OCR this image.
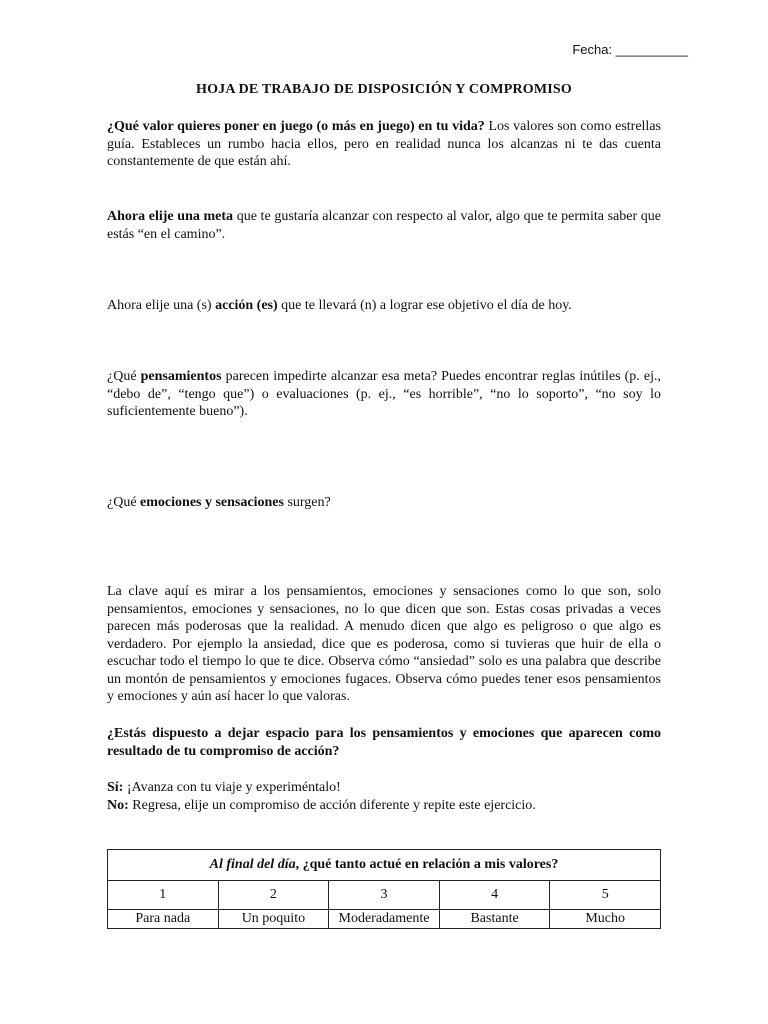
Fecha: __________
HOJA DE TRABAJO DE DISPOSICIÓN Y COMPROMISO
¿Qué valor quieres poner en juego (o más en juego) en tu vida? Los valores son como estrellas guía. Estableces un rumbo hacia ellos, pero en realidad nunca los alcanzas ni te das cuenta constantemente de que están ahí.
Ahora elije una meta que te gustaría alcanzar con respecto al valor, algo que te permita saber que estás “en el camino”.
Ahora elije una (s) acción (es) que te llevará (n) a lograr ese objetivo el día de hoy.
¿Qué pensamientos parecen impedirte alcanzar esa meta? Puedes encontrar reglas inútiles (p. ej., “debo de”, “tengo que”) o evaluaciones (p. ej., “es horrible”, “no lo soporto”, “no soy lo suficientemente bueno”).
¿Qué emociones y sensaciones surgen?
La clave aquí es mirar a los pensamientos, emociones y sensaciones como lo que son, solo pensamientos, emociones y sensaciones, no lo que dicen que son. Estas cosas privadas a veces parecen más poderosas que la realidad. A menudo dicen que algo es peligroso o que algo es verdadero. Por ejemplo la ansiedad, dice que es poderosa, como si tuvieras que huir de ella o escuchar todo el tiempo lo que te dice. Observa cómo “ansiedad” solo es una palabra que describe un montón de pensamientos y emociones fugaces. Observa cómo puedes tener esos pensamientos y emociones y aún así hacer lo que valoras.
¿Estás dispuesto a dejar espacio para los pensamientos y emociones que aparecen como resultado de tu compromiso de acción?
Sí: ¡Avanza con tu viaje y experiméntalo!
No: Regresa, elije un compromiso de acción diferente y repite este ejercicio.
Al final del día, ¿qué tanto actué en relación a mis valores?				
1	2	3	4	5
Para nada	Un poquito	Moderadamente	Bastante	Mucho
